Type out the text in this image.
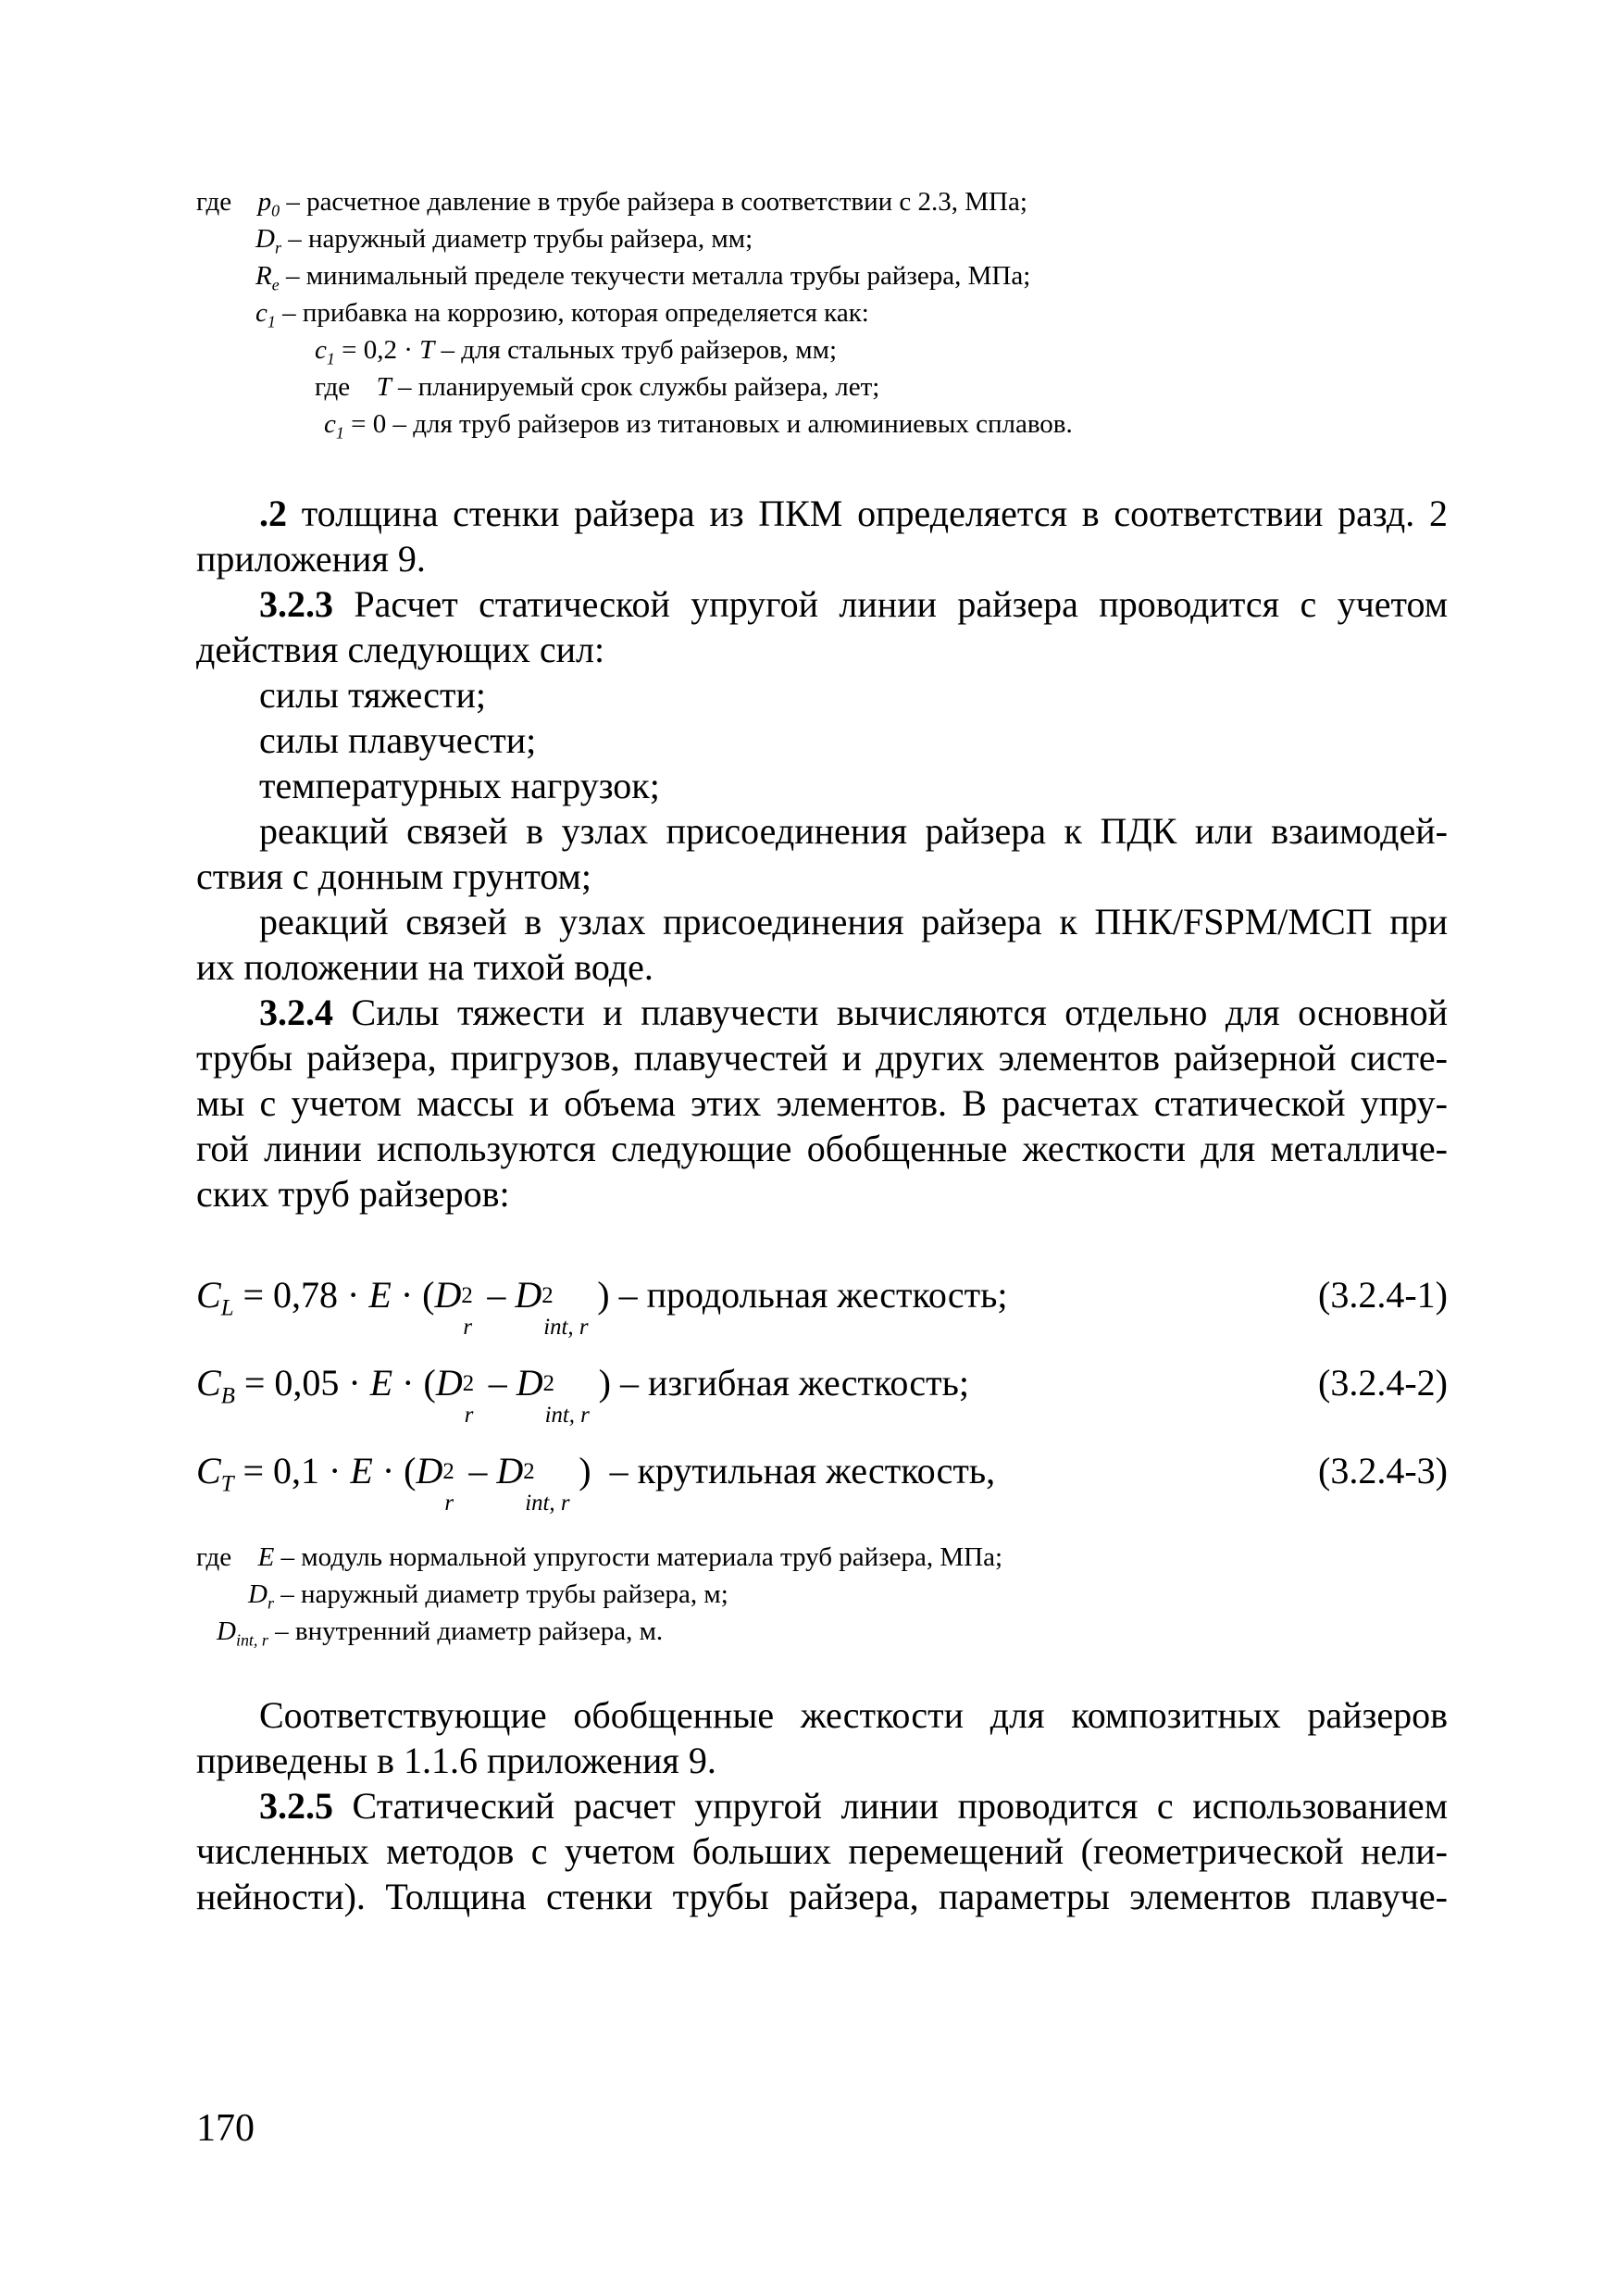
где $p_0$ – расчетное давление в трубе райзера в соответствии с 2.3, МПа;
$D_r$ – наружный диаметр трубы райзера, мм;
$R_e$ – минимальный пределе текучести металла трубы райзера, МПа;
$c_1$ – прибавка на коррозию, которая определяется как:
$c_1 = 0,2 \cdot T$ – для стальных труб райзеров, мм;
где T – планируемый срок службы райзера, лет;
$c_1 = 0$ – для труб райзеров из титановых и алюминиевых сплавов.

.2 толщина стенки райзера из ПКМ определяется в соответствии разд. 2

приложения 9.

3.2.3 Расчет статической упругой линии райзера проводится с учетом

действия следующих сил:

силы тяжести;

силы плавучести;

температурных нагрузок;

реакций связей в узлах присоединения райзера к ПДК или взаимодей-

ствия с донным грунтом;

реакций связей в узлах присоединения райзера к ПНК/FSPM/МСП при

их положении на тихой воде.

3.2.4 Силы тяжести и плавучести вычисляются отдельно для основной

трубы райзера, пригрузов, плавучестей и других элементов райзерной систе-

мы с учетом массы и объема этих элементов. В расчетах статической упру-

гой линии используются следующие обобщенные жесткости для металличе-

ских труб райзеров:

$C_L = 0,78 \cdot E \cdot (D$ 2
r
– D 2
int, r
) – продольная жесткость;	(3.2.4-1)
$C_B = 0,05 \cdot E \cdot (D$ 2
r
– D 2
int, r
) – изгибная жесткость;	(3.2.4-2)
$C_T = 0,1 \cdot E \cdot (D$ 2
r
– D 2
int, r
) – крутильная жесткость,	(3.2.4-3)
где E – модуль нормальной упругости материала труб райзера, МПа;
$D_r$ – наружный диаметр трубы райзера, м;
$D_{int, r}$ – внутренний диаметр райзера, м.

Соответствующие обобщенные жесткости для композитных райзеров

приведены в 1.1.6 приложения 9.

3.2.5 Статический расчет упругой линии проводится с использованием

численных методов с учетом больших перемещений (геометрической нели-

нейности). Толщина стенки трубы райзера, параметры элементов плавуче-

170
